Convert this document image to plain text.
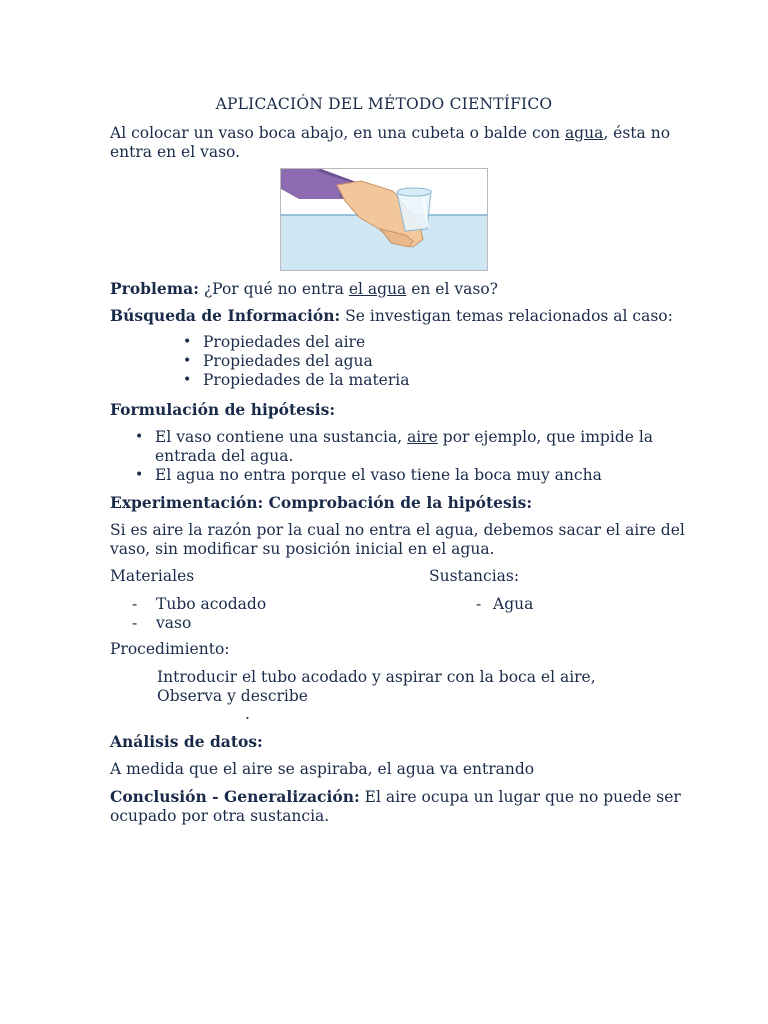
APLICACIÓN DEL MÉTODO CIENTÍFICO
Al colocar un vaso boca abajo, en una cubeta o balde con agua, ésta no
entra en el vaso.
Problema: ¿Por qué no entra el agua en el vaso?
Búsqueda de Información: Se investigan temas relacionados al caso:
• Propiedades del aire
• Propiedades del agua
• Propiedades de la materia
Formulación de hipótesis:
• El vaso contiene una sustancia, aire por ejemplo, que impide la
entrada del agua.
• El agua no entra porque el vaso tiene la boca muy ancha
Experimentación: Comprobación de la hipótesis:
Si es aire la razón por la cual no entra el agua, debemos sacar el aire del
vaso, sin modificar su posición inicial en el agua.
Materiales	Sustancias:
- Tubo acodado
- vaso
- Agua
Procedimiento:
Introducir el tubo acodado y aspirar con la boca el aire,
Observa y describe
.
Análisis de datos:
A medida que el aire se aspiraba, el agua va entrando
Conclusión - Generalización: El aire ocupa un lugar que no puede ser
ocupado por otra sustancia.
